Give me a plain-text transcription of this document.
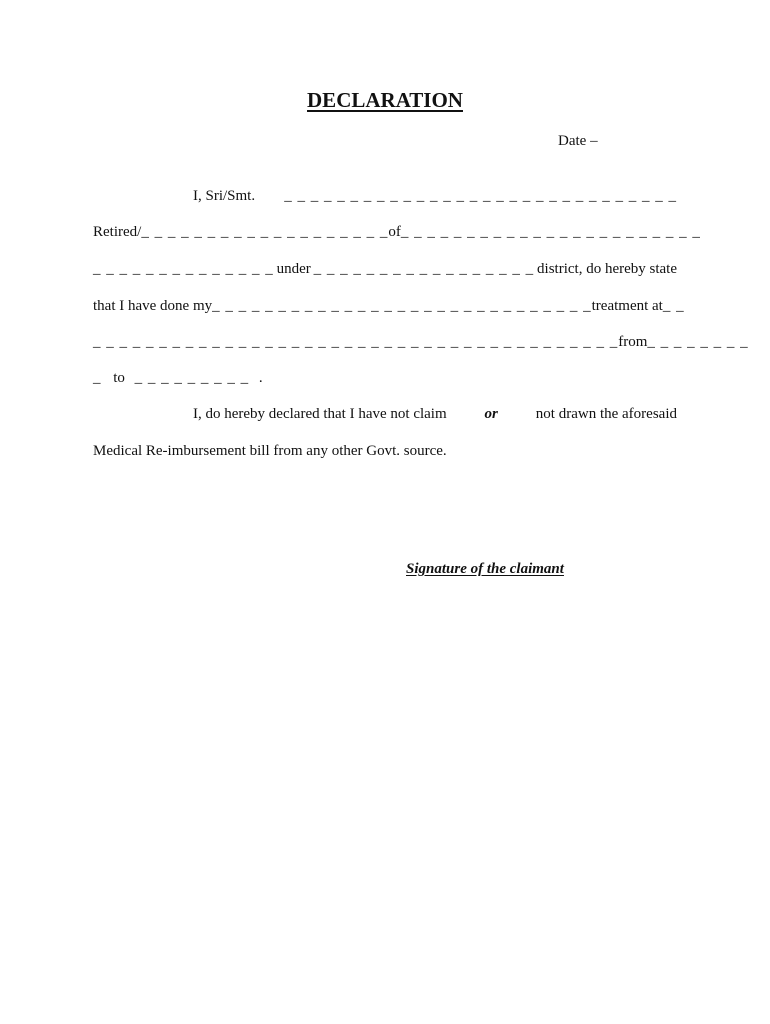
DECLARATION
Date –
I, Sri/Smt. _ _ _ _ _ _ _ _ _ _ _ _ _ _ _ _ _ _ _ _ _ _ _ _ _ _ _ _ _ _
Retired/ _ _ _ _ _ _ _ _ _ _ _ _ _ _ _ _ _ _ _ of _ _ _ _ _ _ _ _ _ _ _ _ _ _ _ _ _ _ _ _ _ _ _
_ _ _ _ _ _ _ _ _ _ _ _ _ _ under _ _ _ _ _ _ _ _ _ _ _ _ _ _ _ _ _ district, do hereby state
that I have done my _ _ _ _ _ _ _ _ _ _ _ _ _ _ _ _ _ _ _ _ _ _ _ _ _ _ _ _ _ treatment at _ _
_ _ _ _ _ _ _ _ _ _ _ _ _ _ _ _ _ _ _ _ _ _ _ _ _ _ _ _ _ _ _ _ _ _ _ _ _ _ _ _ from _ _ _ _ _ _ _ _
_ to _ _ _ _ _ _ _ _ _ .
I, do hereby declared that I have not claim	or	not drawn the aforesaid
Medical Re-imbursement bill from any other Govt. source.
Signature of the claimant
